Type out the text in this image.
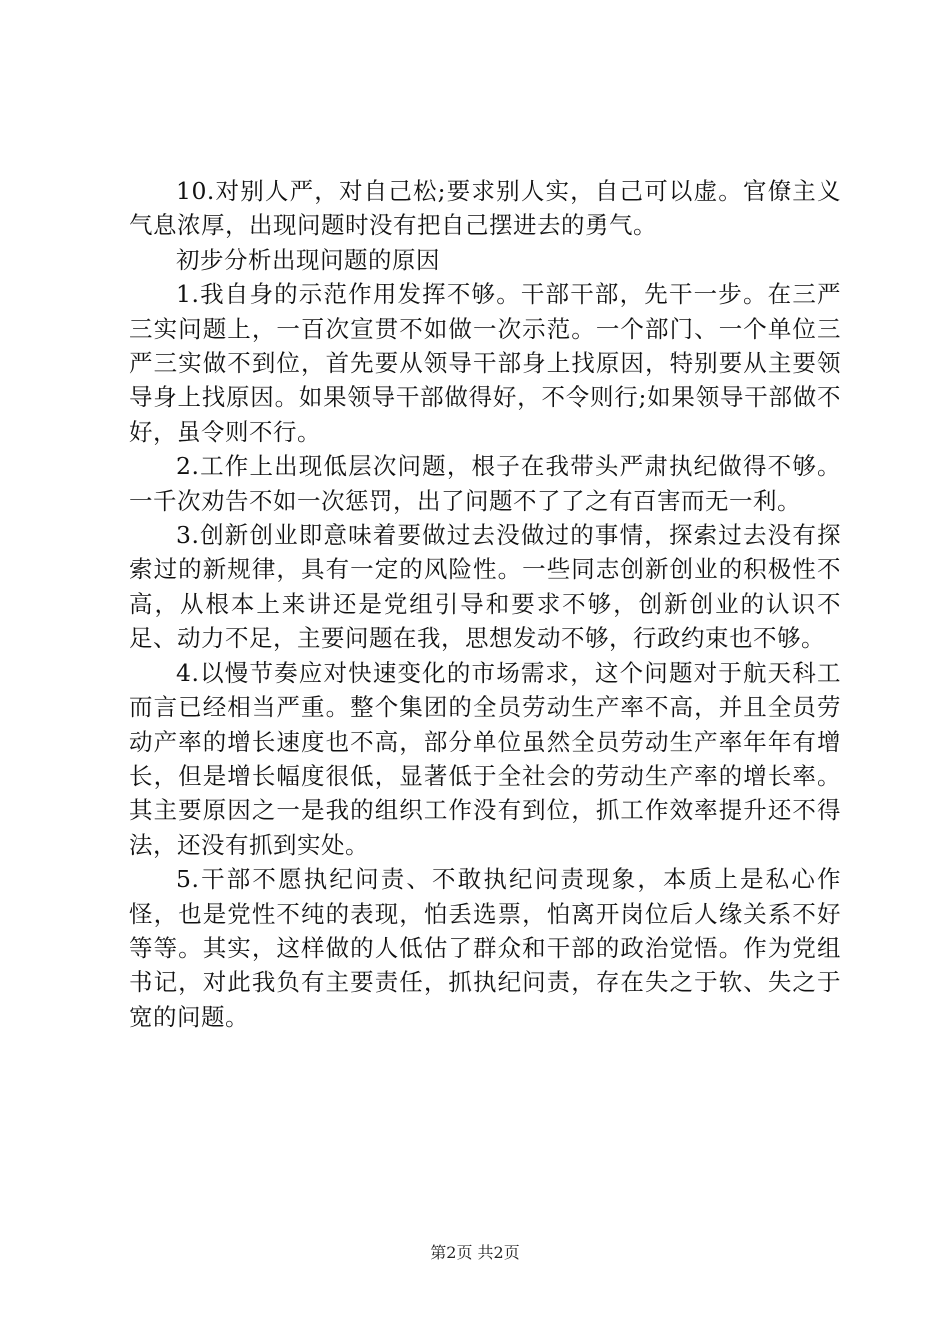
10.对别人严，对自己松;要求别人实，自己可以虚。官僚主义气息浓厚，出现问题时没有把自己摆进去的勇气。

初步分析出现问题的原因

1.我自身的示范作用发挥不够。干部干部，先干一步。在三严三实问题上，一百次宣贯不如做一次示范。一个部门、一个单位三严三实做不到位，首先要从领导干部身上找原因，特别要从主要领导身上找原因。如果领导干部做得好，不令则行;如果领导干部做不好，虽令则不行。

2.工作上出现低层次问题，根子在我带头严肃执纪做得不够。一千次劝告不如一次惩罚，出了问题不了了之有百害而无一利。

3.创新创业即意味着要做过去没做过的事情，探索过去没有探索过的新规律，具有一定的风险性。一些同志创新创业的积极性不高，从根本上来讲还是党组引导和要求不够，创新创业的认识不足、动力不足，主要问题在我，思想发动不够，行政约束也不够。

4.以慢节奏应对快速变化的市场需求，这个问题对于航天科工而言已经相当严重。整个集团的全员劳动生产率不高，并且全员劳动产率的增长速度也不高，部分单位虽然全员劳动生产率年年有增长，但是增长幅度很低，显著低于全社会的劳动生产率的增长率。其主要原因之一是我的组织工作没有到位，抓工作效率提升还不得法，还没有抓到实处。

5.干部不愿执纪问责、不敢执纪问责现象，本质上是私心作怪，也是党性不纯的表现，怕丢选票，怕离开岗位后人缘关系不好等等。其实，这样做的人低估了群众和干部的政治觉悟。作为党组书记，对此我负有主要责任，抓执纪问责，存在失之于软、失之于宽的问题。

第2页 共2页
